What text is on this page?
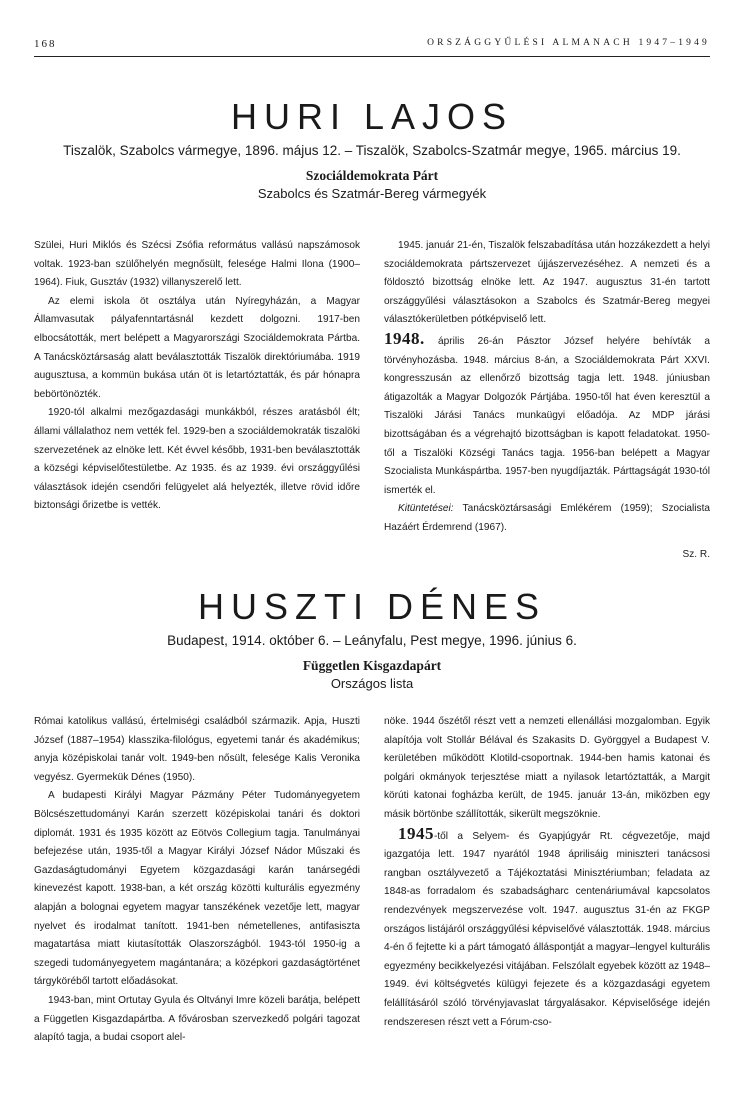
168	ORSZÁGGYŰLÉSI ALMANACH 1947–1949
HURI LAJOS
Tiszalök, Szabolcs vármegye, 1896. május 12. – Tiszalök, Szabolcs-Szatmár megye, 1965. március 19.
Szociáldemokrata Párt
Szabolcs és Szatmár-Bereg vármegyék

Szülei, Huri Miklós és Szécsi Zsófia református vallású napszámosok voltak. 1923-ban szülőhelyén megnősült, felesége Halmi Ilona (1900–1964). Fiuk, Gusztáv (1932) villanyszerelő lett.

Az elemi iskola öt osztálya után Nyíregyházán, a Magyar Államvasutak pályafenntartásnál kezdett dolgozni. 1917-ben elbocsátották, mert belépett a Magyarországi Szociáldemokrata Pártba. A Tanácsköztársaság alatt beválasztották Tiszalök direktóriumába. 1919 augusztusa, a kommün bukása után öt is letartóztatták, és pár hónapra bebörtönözték.

1920-tól alkalmi mezőgazdasági munkákból, részes aratásból élt; állami vállalathoz nem vették fel. 1929-ben a szociáldemokraták tiszalöki szervezetének az elnöke lett. Két évvel később, 1931-ben beválasztották a községi képviselőtestületbe. Az 1935. és az 1939. évi országgyűlési választások idején csendőri felügyelet alá helyezték, illetve rövid időre biztonsági őrizetbe is vették.

1945. január 21-én, Tiszalök felszabadítása után hozzákezdett a helyi szociáldemokrata pártszervezet újjászervezéséhez. A nemzeti és a földosztó bizottság elnöke lett. Az 1947. augusztus 31-én tartott országgyűlési választásokon a Szabolcs és Szatmár-Bereg megyei választókerületben pótképviselő lett.

1948. április 26-án Pásztor József helyére behívták a törvényhozásba. 1948. március 8-án, a Szociáldemokrata Párt XXVI. kongresszusán az ellenőrző bizottság tagja lett. 1948. júniusban átigazolták a Magyar Dolgozók Pártjába. 1950-től hat éven keresztül a Tiszalöki Járási Tanács munkaügyi előadója. Az MDP járási bizottságában és a végrehajtó bizottságban is kapott feladatokat. 1950-től a Tiszalöki Községi Tanács tagja. 1956-ban belépett a Magyar Szocialista Munkáspártba. 1957-ben nyugdíjazták. Párttagságát 1930-tól ismerték el.

Kitüntetései: Tanácsköztársasági Emlékérem (1959); Szocialista Hazáért Érdemrend (1967).

Sz. R.

HUSZTI DÉNES
Budapest, 1914. október 6. – Leányfalu, Pest megye, 1996. június 6.
Független Kisgazdapárt
Országos lista

Római katolikus vallású, értelmiségi családból származik. Apja, Huszti József (1887–1954) klasszika-filológus, egyetemi tanár és akadémikus; anyja középiskolai tanár volt. 1949-ben nősült, felesége Kalis Veronika vegyész. Gyermekük Dénes (1950).

A budapesti Királyi Magyar Pázmány Péter Tudományegyetem Bölcsészettudományi Karán szerzett középiskolai tanári és doktori diplomát. 1931 és 1935 között az Eötvös Collegium tagja. Tanulmányai befejezése után, 1935-től a Magyar Királyi József Nádor Műszaki és Gazdaságtudományi Egyetem közgazdasági karán tanársegédi kinevezést kapott. 1938-ban, a két ország közötti kulturális egyezmény alapján a bolognai egyetem magyar tanszékének vezetője lett, magyar nyelvet és irodalmat tanított. 1941-ben németellenes, antifasiszta magatartása miatt kiutasították Olaszországból. 1943-tól 1950-ig a szegedi tudományegyetem magántanára; a középkori gazdaságtörténet tárgyköréből tartott előadásokat.

1943-ban, mint Ortutay Gyula és Oltványi Imre közeli barátja, belépett a Független Kisgazdapártba. A fővárosban szervezkedő polgári tagozat alapító tagja, a budai csoport alel-

nöke. 1944 őszétől részt vett a nemzeti ellenállási mozgalomban. Egyik alapítója volt Stollár Bélával és Szakasits D. Györggyel a Budapest V. kerületében működött Klotild-csoportnak. 1944-ben hamis katonai és polgári okmányok terjesztése miatt a nyilasok letartóztatták, a Margit körúti katonai fogházba került, de 1945. január 13-án, miközben egy másik börtönbe szállították, sikerült megszöknie.

1945-től a Selyem- és Gyapjúgyár Rt. cégvezetője, majd igazgatója lett. 1947 nyarától 1948 áprilisáig miniszteri tanácsosi rangban osztályvezető a Tájékoztatási Minisztériumban; feladata az 1848-as forradalom és szabadságharc centenáriumával kapcsolatos rendezvények megszervezése volt. 1947. augusztus 31-én az FKGP országos listájáról országgyűlési képviselővé választották. 1948. március 4-én ő fejtette ki a párt támogató álláspontját a magyar–lengyel kulturális egyezmény becikkelyezési vitájában. Felszólalt egyebek között az 1948–1949. évi költségvetés külügyi fejezete és a közgazdasági egyetem felállításáról szóló törvényjavaslat tárgyalásakor. Képviselősége idején rendszeresen részt vett a Fórum-cso-
